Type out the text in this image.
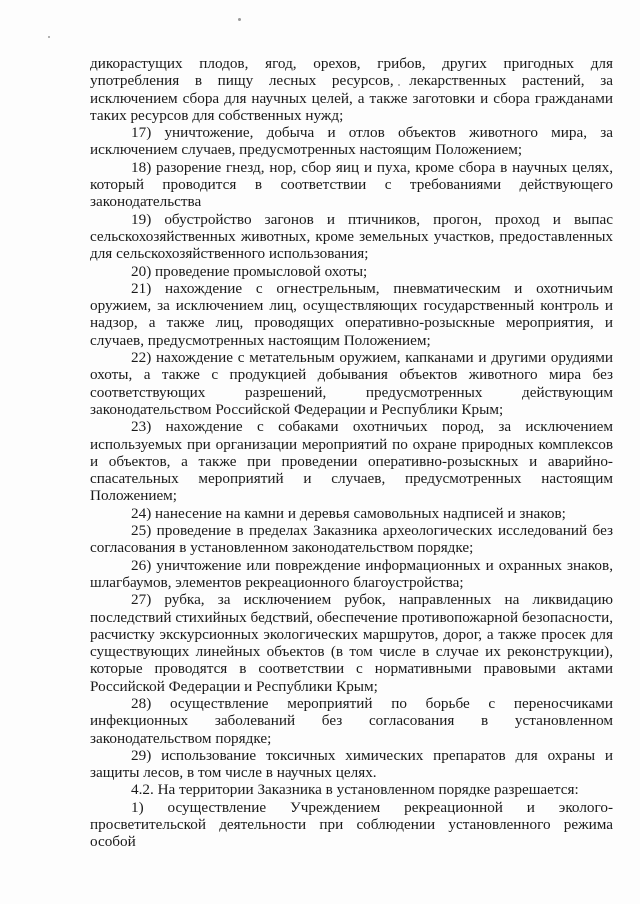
дикорастущих плодов, ягод, орехов, грибов, других пригодных для употребления в пищу лесных ресурсов, лекарственных растений, за исключением сбора для научных целей, а также заготовки и сбора гражданами таких ресурсов для собственных нужд;

17) уничтожение, добыча и отлов объектов животного мира, за исключением случаев, предусмотренных настоящим Положением;

18) разорение гнезд, нор, сбор яиц и пуха, кроме сбора в научных целях, который проводится в соответствии с требованиями действующего законодательства

19) обустройство загонов и птичников, прогон, проход и выпас сельскохозяйственных животных, кроме земельных участков, предоставленных для сельскохозяйственного использования;

20) проведение промысловой охоты;

21) нахождение с огнестрельным, пневматическим и охотничьим оружием, за исключением лиц, осуществляющих государственный контроль и надзор, а также лиц, проводящих оперативно-розыскные мероприятия, и случаев, предусмотренных настоящим Положением;

22) нахождение с метательным оружием, капканами и другими орудиями охоты, а также с продукцией добывания объектов животного мира без соответствующих разрешений, предусмотренных действующим законодательством Российской Федерации и Республики Крым;

23) нахождение с собаками охотничьих пород, за исключением используемых при организации мероприятий по охране природных комплексов и объектов, а также при проведении оперативно-розыскных и аварийно-спасательных мероприятий и случаев, предусмотренных настоящим Положением;

24) нанесение на камни и деревья самовольных надписей и знаков;

25) проведение в пределах Заказника археологических исследований без согласования в установленном законодательством порядке;

26) уничтожение или повреждение информационных и охранных знаков, шлагбаумов, элементов рекреационного благоустройства;

27) рубка, за исключением рубок, направленных на ликвидацию последствий стихийных бедствий, обеспечение противопожарной безопасности, расчистку экскурсионных экологических маршрутов, дорог, а также просек для существующих линейных объектов (в том числе в случае их реконструкции), которые проводятся в соответствии с нормативными правовыми актами Российской Федерации и Республики Крым;

28) осуществление мероприятий по борьбе с переносчиками инфекционных заболеваний без согласования в установленном законодательством порядке;

29) использование токсичных химических препаратов для охраны и защиты лесов, в том числе в научных целях.

4.2. На территории Заказника в установленном порядке разрешается:

1) осуществление Учреждением рекреационной и эколого-просветительской деятельности при соблюдении установленного режима особой
